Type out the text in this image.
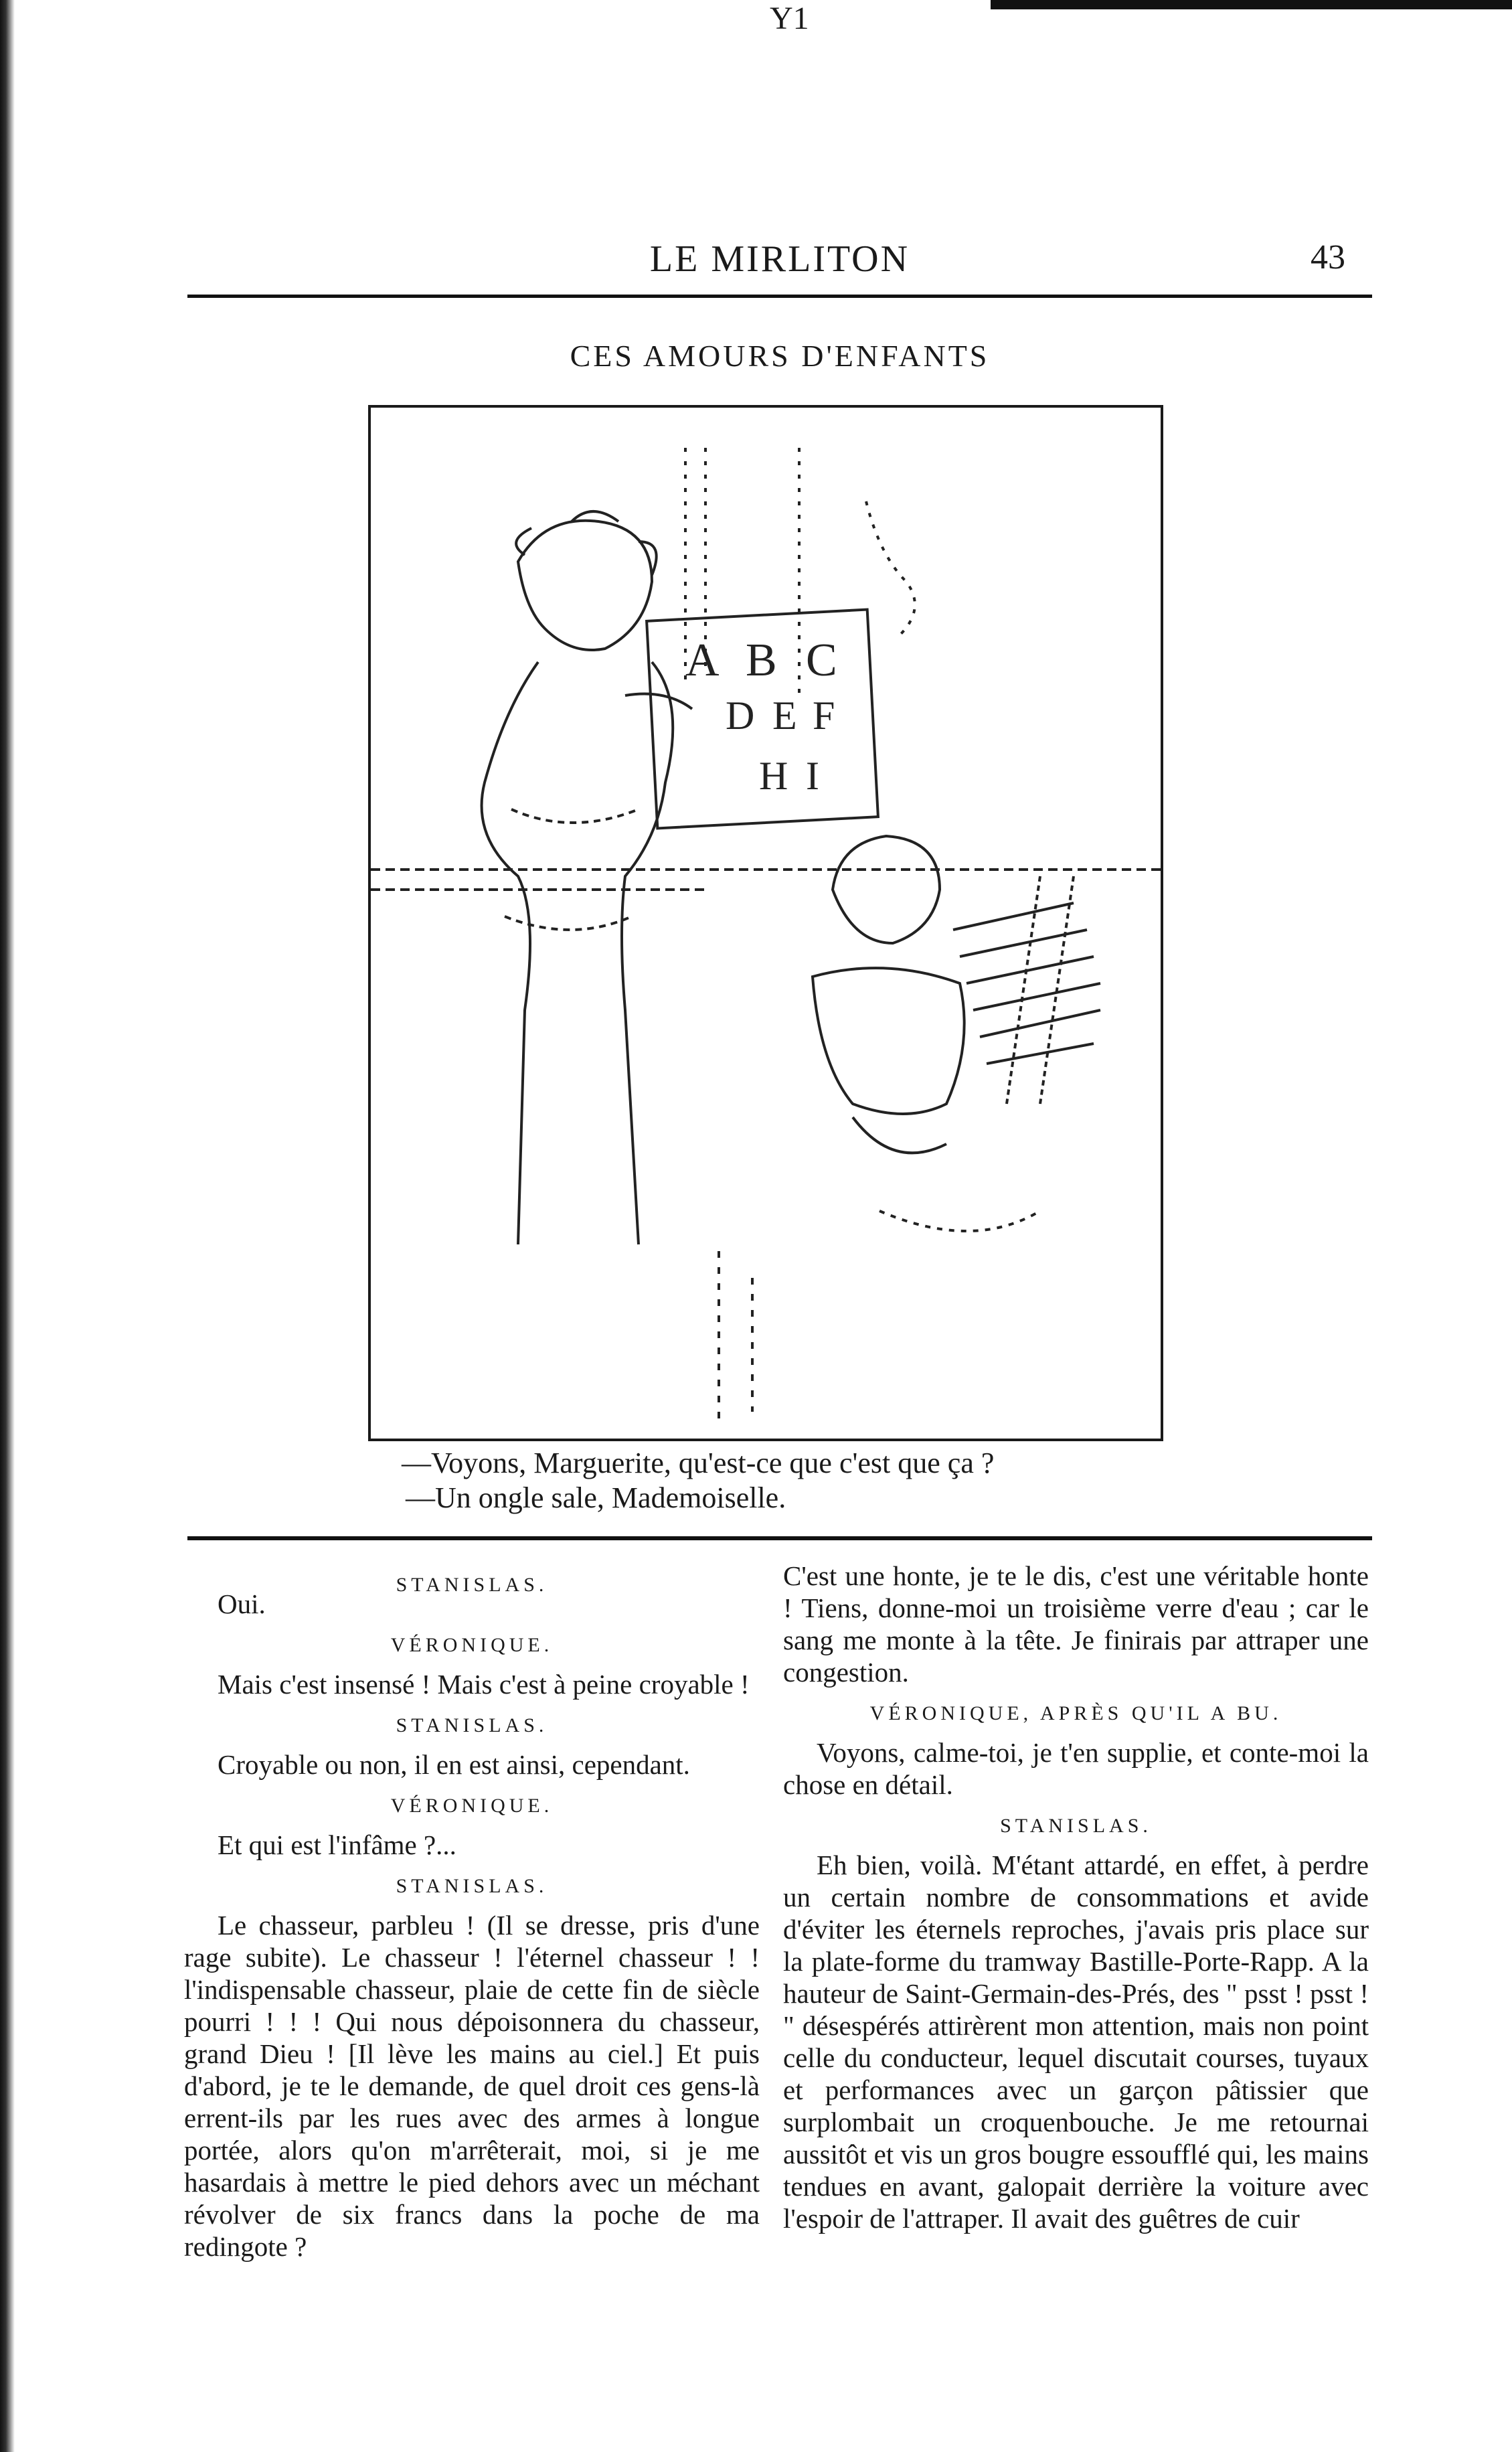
Y1
LE MIRLITON	43
CES AMOURS D'ENFANTS
A B C
D E F
H I

—Voyons, Marguerite, qu'est-ce que c'est que ça ?

—Un ongle sale, Mademoiselle.

STANISLAS.

Oui.

VÉRONIQUE.

Mais c'est insensé ! Mais c'est à peine croyable !

STANISLAS.

Croyable ou non, il en est ainsi, cependant.

VÉRONIQUE.

Et qui est l'infâme ?...

STANISLAS.

Le chasseur, parbleu ! (Il se dresse, pris d'une rage subite). Le chasseur ! l'éternel chasseur ! ! l'indispensable chasseur, plaie de cette fin de siècle pourri ! ! ! Qui nous dépoisonnera du chasseur, grand Dieu ! [Il lève les mains au ciel.] Et puis d'abord, je te le demande, de quel droit ces gens-là errent-ils par les rues avec des armes à longue portée, alors qu'on m'arrêterait, moi, si je me hasardais à mettre le pied dehors avec un méchant révolver de six francs dans la poche de ma redingote ?

C'est une honte, je te le dis, c'est une véritable honte ! Tiens, donne-moi un troisième verre d'eau ; car le sang me monte à la tête. Je finirais par attraper une congestion.

VÉRONIQUE, APRÈS QU'IL A BU.

Voyons, calme-toi, je t'en supplie, et conte-moi la chose en détail.

STANISLAS.

Eh bien, voilà. M'étant attardé, en effet, à perdre un certain nombre de consommations et avide d'éviter les éternels reproches, j'avais pris place sur la plate-forme du tramway Bastille-Porte-Rapp. A la hauteur de Saint-Germain-des-Prés, des " psst ! psst ! " désespérés attirèrent mon attention, mais non point celle du conducteur, lequel discutait courses, tuyaux et performances avec un garçon pâtissier que surplombait un croquenbouche. Je me retournai aussitôt et vis un gros bougre essoufflé qui, les mains tendues en avant, galopait derrière la voiture avec l'espoir de l'attraper. Il avait des guêtres de cuir
